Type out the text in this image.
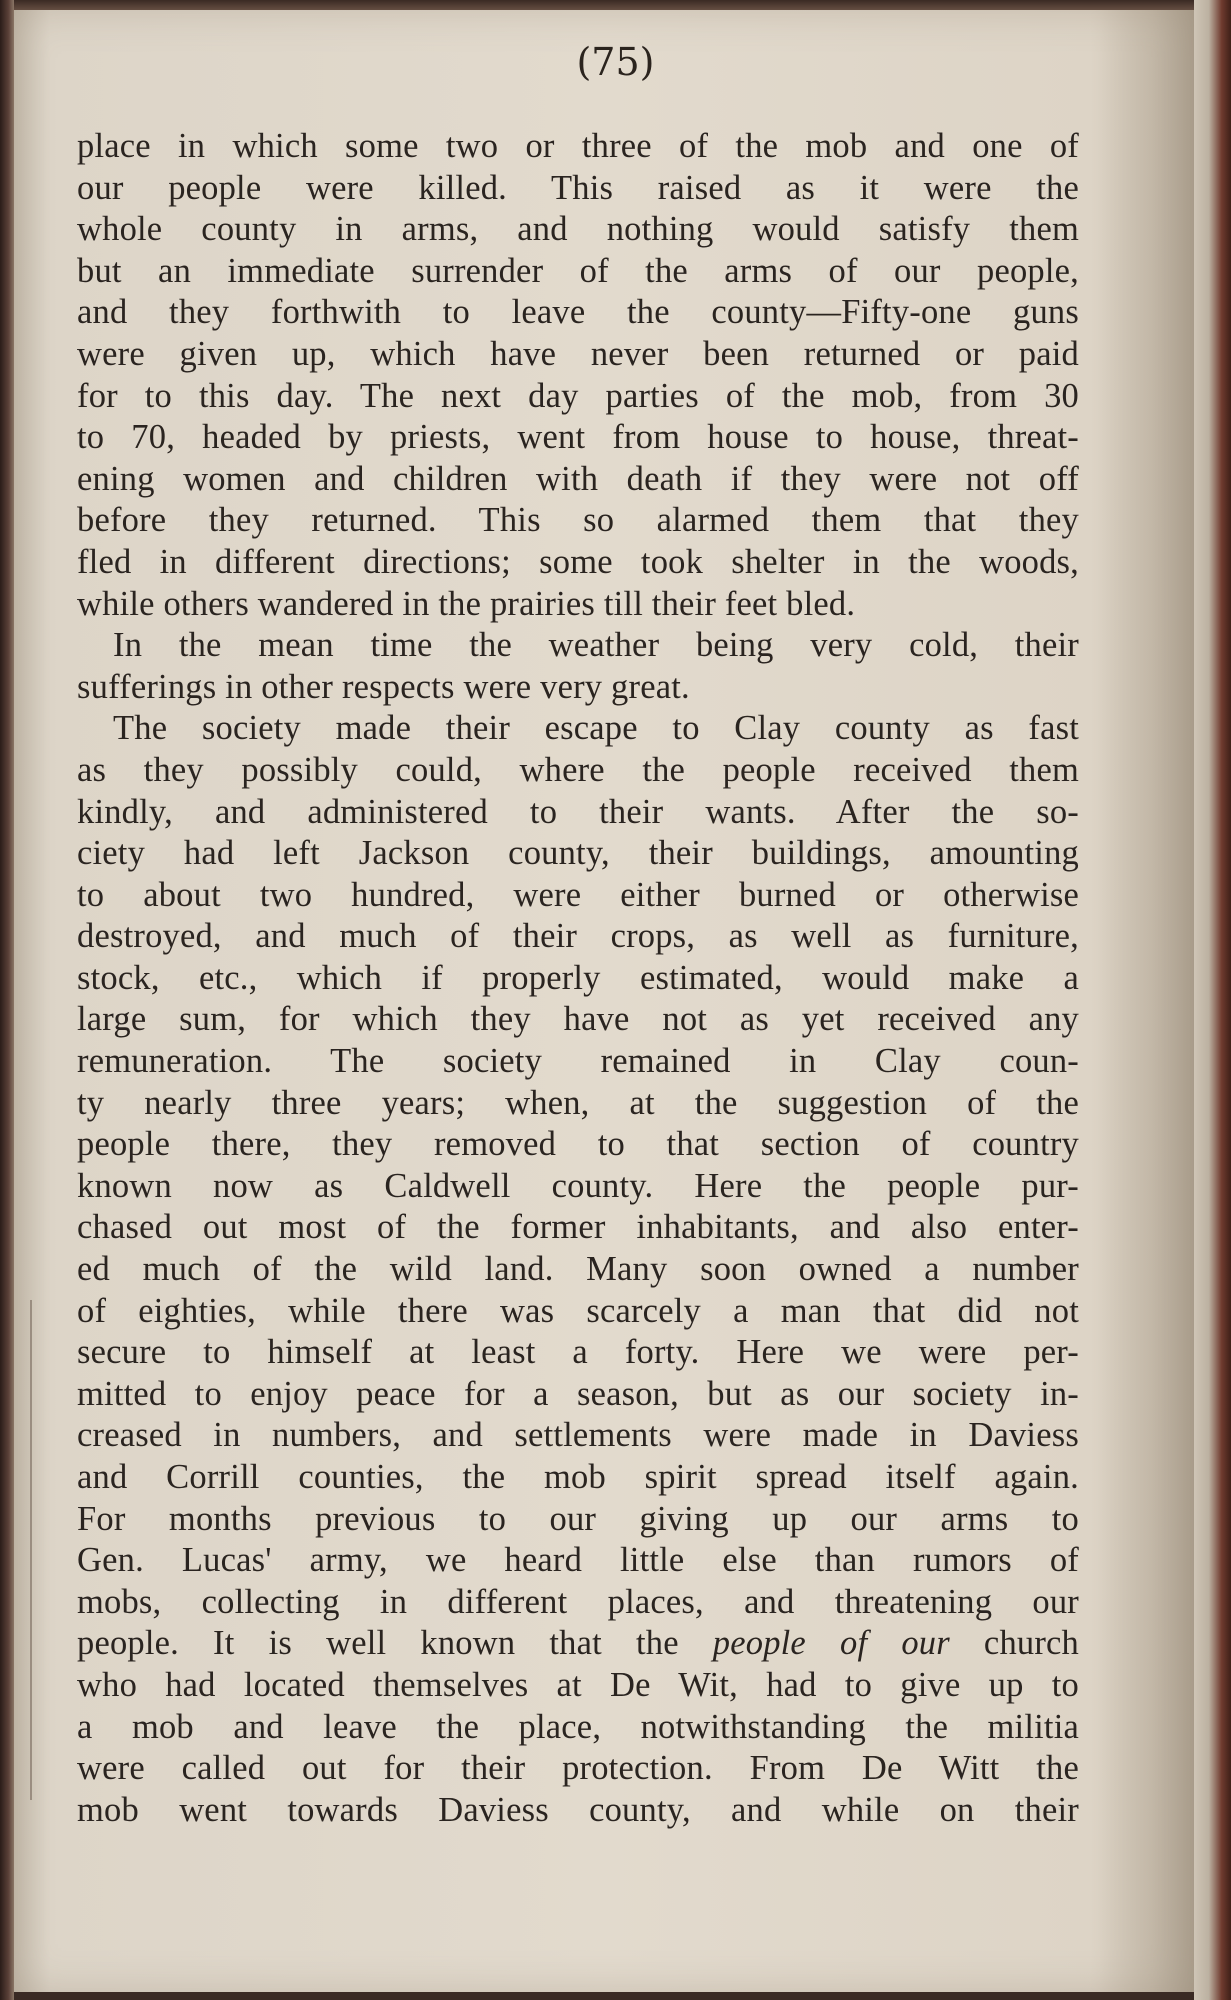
(75)
place in which some two or three of the mob and one of
our people were killed. This raised as it were the
whole county in arms, and nothing would satisfy them
but an immediate surrender of the arms of our people,
and they forthwith to leave the county—Fifty-one guns
were given up, which have never been returned or paid
for to this day. The next day parties of the mob, from 30
to 70, headed by priests, went from house to house, threat-
ening women and children with death if they were not off
before they returned. This so alarmed them that they
fled in different directions; some took shelter in the woods,
while others wandered in the prairies till their feet bled.
In the mean time the weather being very cold, their
sufferings in other respects were very great.
The society made their escape to Clay county as fast
as they possibly could, where the people received them
kindly, and administered to their wants. After the so-
ciety had left Jackson county, their buildings, amounting
to about two hundred, were either burned or otherwise
destroyed, and much of their crops, as well as furniture,
stock, etc., which if properly estimated, would make a
large sum, for which they have not as yet received any
remuneration. The society remained in Clay coun-
ty nearly three years; when, at the suggestion of the
people there, they removed to that section of country
known now as Caldwell county. Here the people pur-
chased out most of the former inhabitants, and also enter-
ed much of the wild land. Many soon owned a number
of eighties, while there was scarcely a man that did not
secure to himself at least a forty. Here we were per-
mitted to enjoy peace for a season, but as our society in-
creased in numbers, and settlements were made in Daviess
and Corrill counties, the mob spirit spread itself again.
For months previous to our giving up our arms to
Gen. Lucas' army, we heard little else than rumors of
mobs, collecting in different places, and threatening our
people. It is well known that the people of our church
who had located themselves at De Wit, had to give up to
a mob and leave the place, notwithstanding the militia
were called out for their protection. From De Witt the
mob went towards Daviess county, and while on their
